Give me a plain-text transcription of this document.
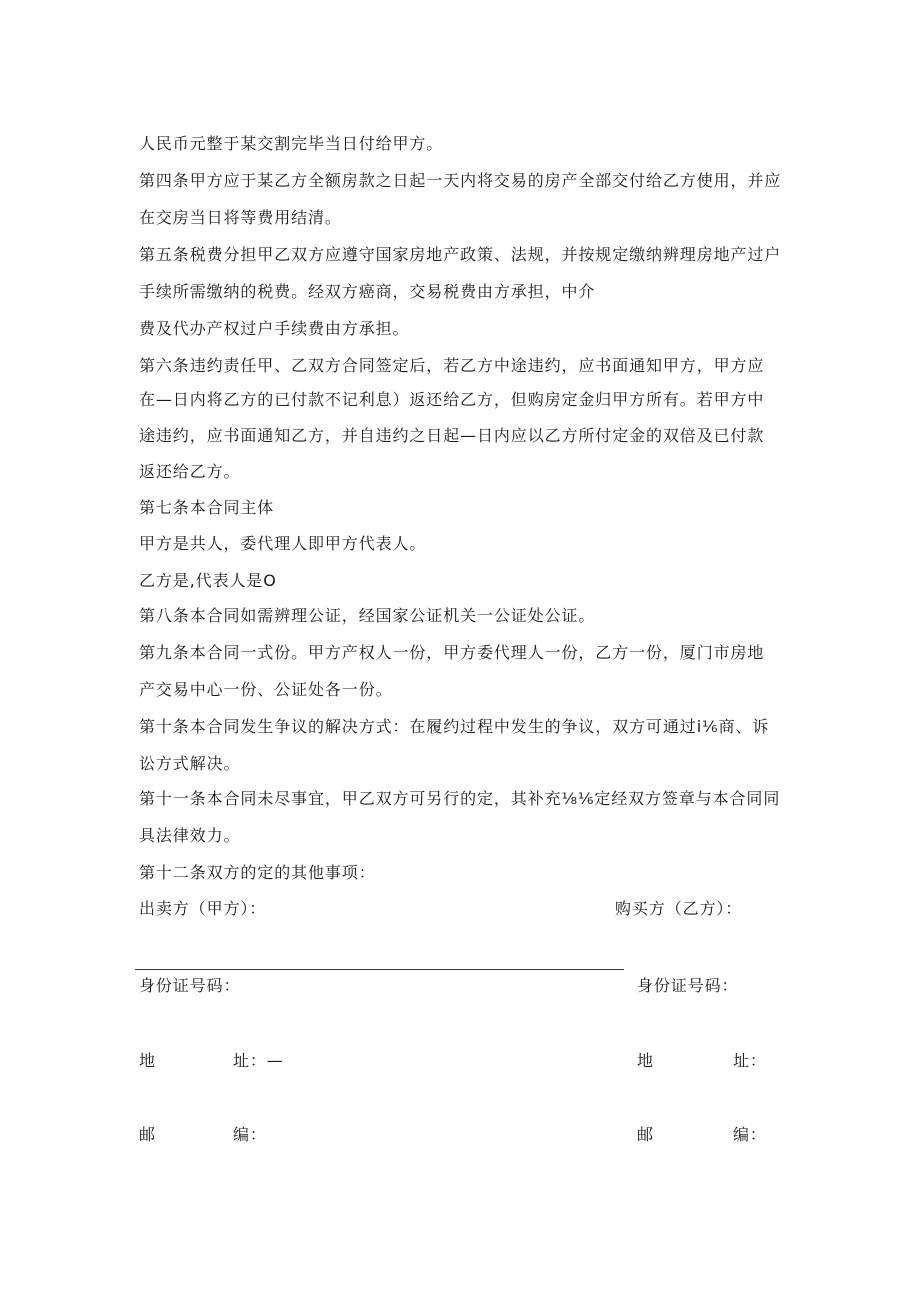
人民币元整于某交割完毕当日付给甲方。
第四条甲方应于某乙方全额房款之日起一天内将交易的房产全部交付给乙方使用，并应
在交房当日将等费用结清。
第五条税费分担甲乙双方应遵守国家房地产政策、法规，并按规定缴纳辨理房地产过户
手续所需缴纳的税费。经双方癌商，交易税费由方承担，中介
费及代办产权过户手续费由方承担。
第六条违约责任甲、乙双方合同签定后，若乙方中途违约，应书面通知甲方，甲方应
在—日内将乙方的已付款不记利息）返还给乙方，但购房定金归甲方所有。若甲方中
途违约，应书面通知乙方，并自违约之日起—日内应以乙方所付定金的双倍及已付款
返还给乙方。
第七条本合同主体
甲方是共人，委代理人即甲方代表人。
乙方是,代表人是O
第八条本合同如需辨理公证，经国家公证机关一公证处公证。
第九条本合同一式份。甲方产权人一份，甲方委代理人一份，乙方一份，厦门市房地
产交易中心一份、公证处各一份。
第十条本合同发生争议的解决方式：在履约过程中发生的争议，双方可通过i⅙商、诉
讼方式解决。
第十一条本合同未尽事宜，甲乙双方可另行的定，其补充⅛⅙定经双方签章与本合同同
具法律效力。
第十二条双方的定的其他事项：
出卖方（甲方）：	购买方（乙方）：
身份证号码：	身份证号码：
地	址：—	地	址：
邮	编：	邮	编：
